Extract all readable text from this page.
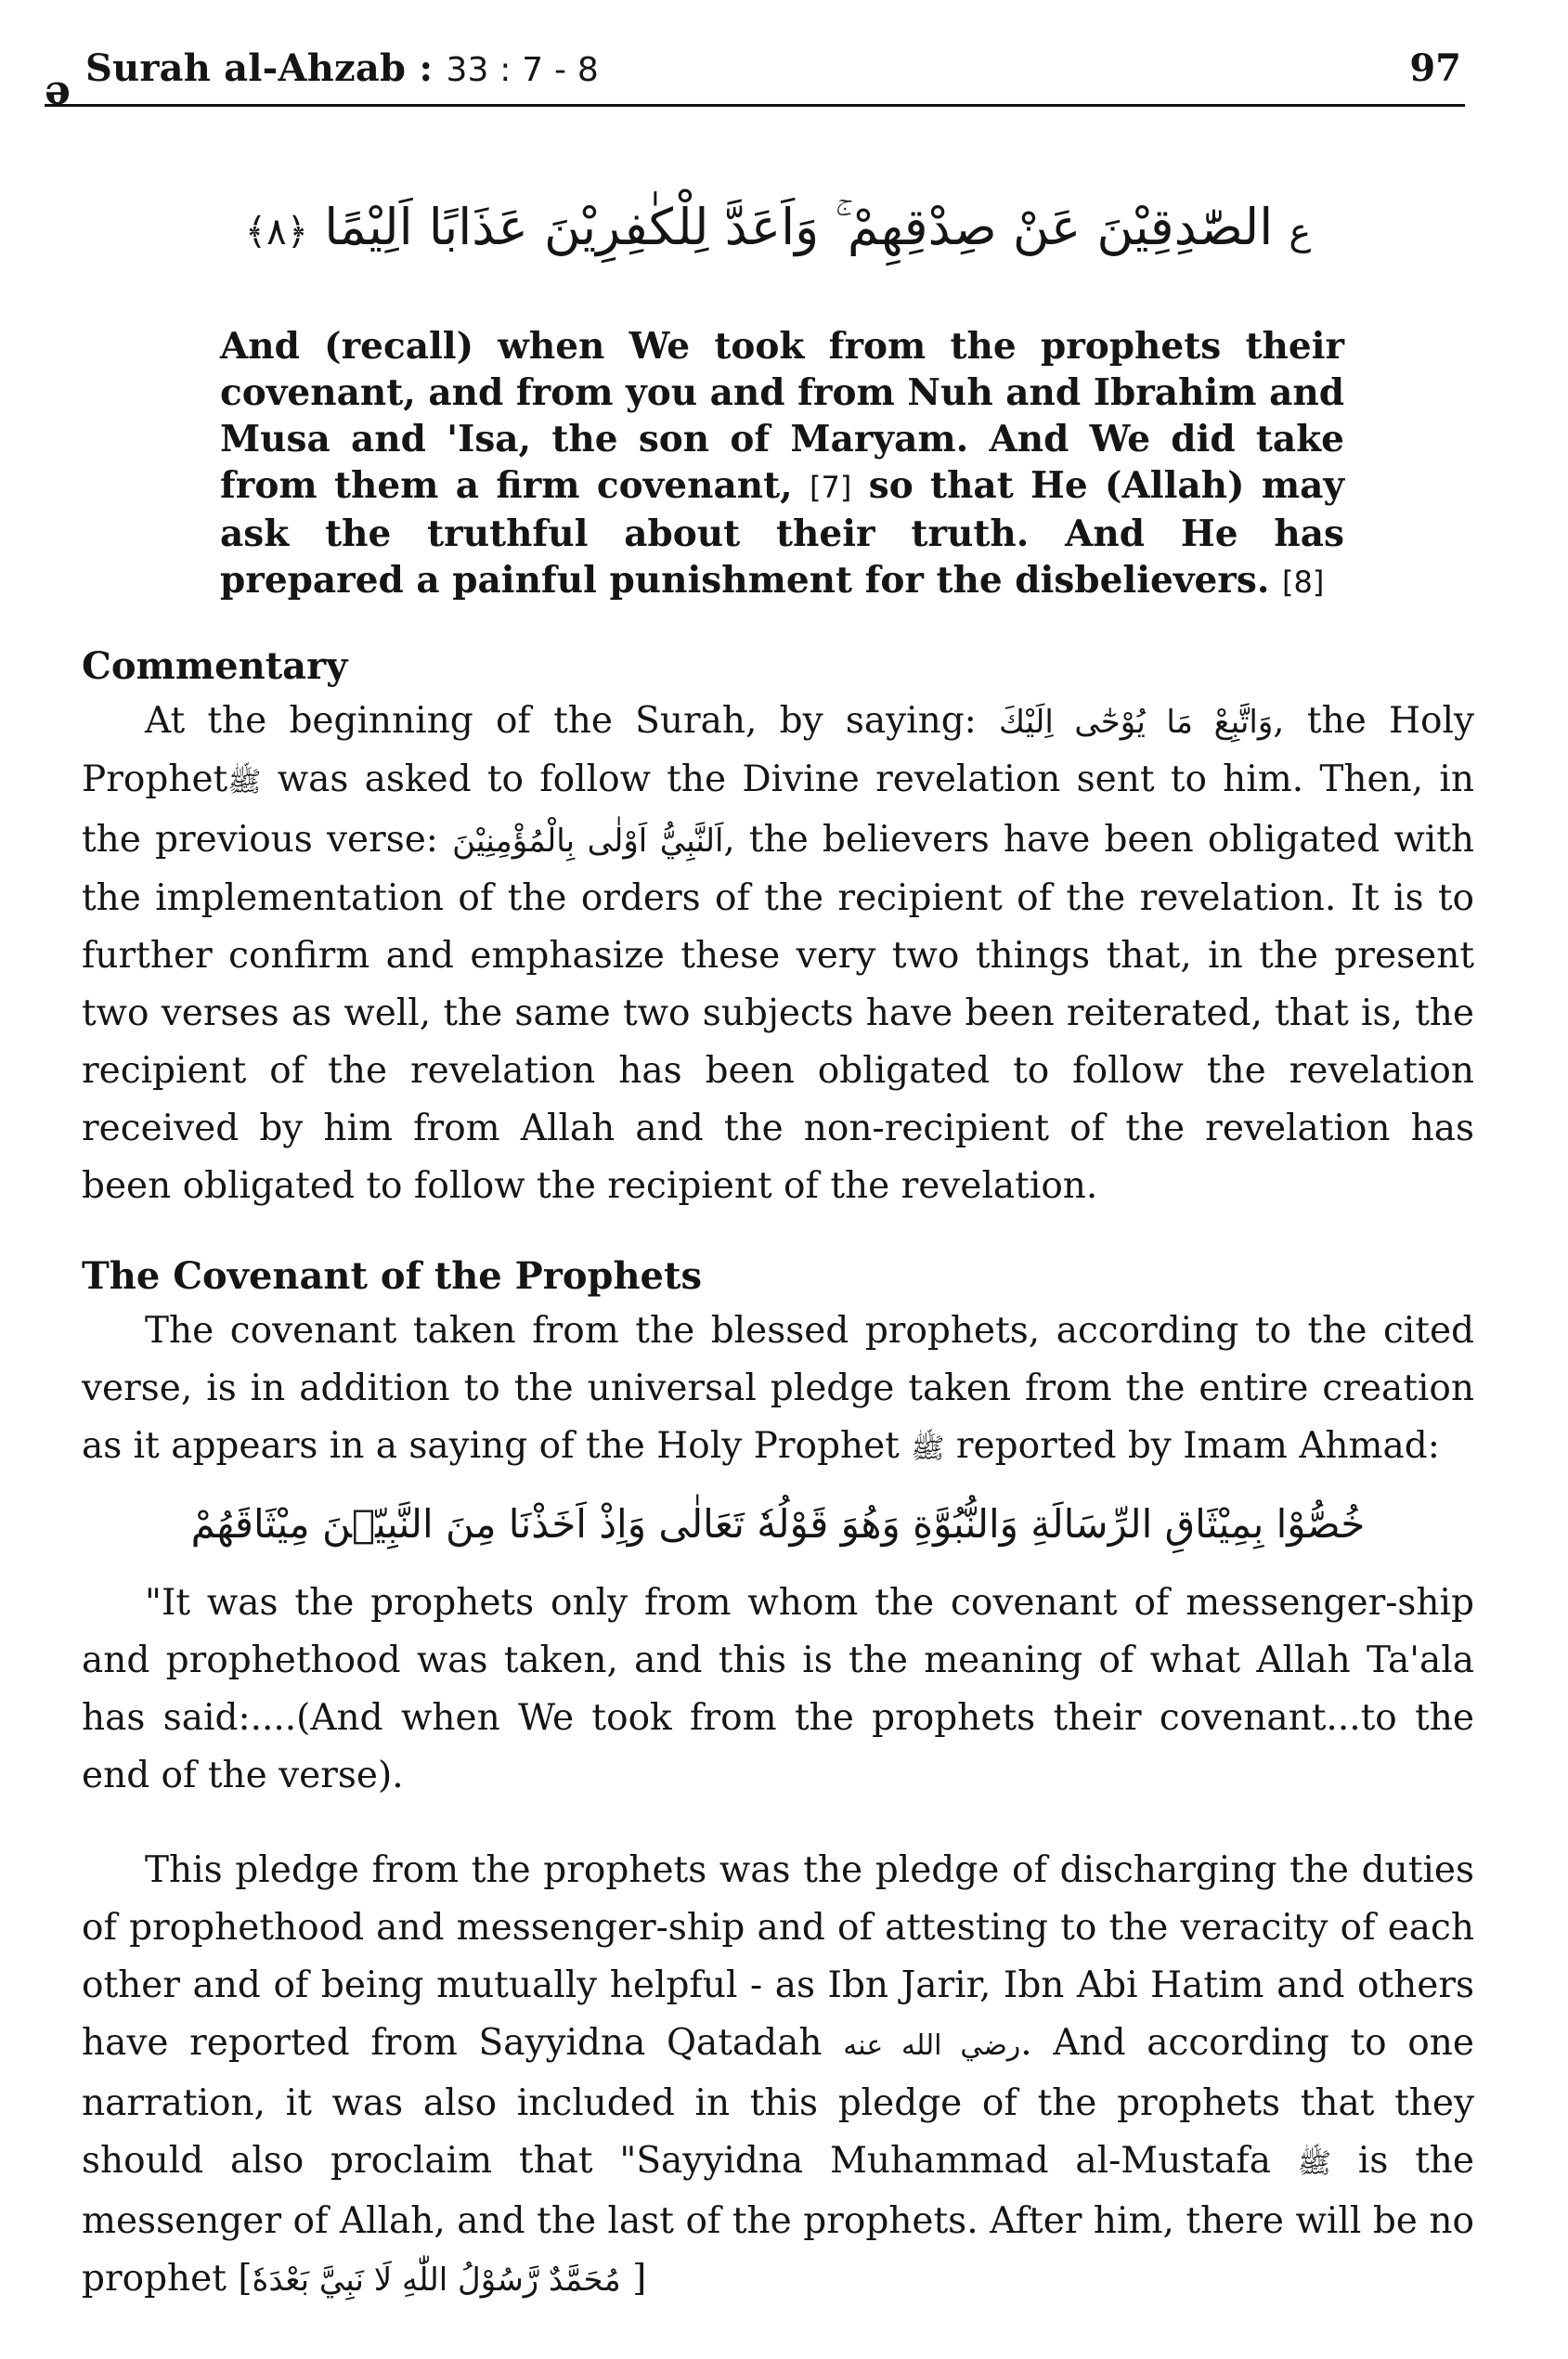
ə Surah al-Ahzab : 33 : 7 - 8	97
ع الصّٰدِقِيْنَ عَنْ صِدْقِهِمْ ۚ وَاَعَدَّ لِلْكٰفِرِيْنَ عَذَابًا اَلِيْمًا ﴿٨﴾
And (recall) when We took from the prophets their covenant, and from you and from Nuh and Ibrahim and Musa and 'Isa, the son of Maryam. And We did take from them a firm covenant, [7] so that He (Allah) may ask the truthful about their truth. And He has prepared a painful punishment for the disbelievers. [8]
Commentary

At the beginning of the Surah, by saying: وَاتَّبِعْ مَا يُوْحٰٓى اِلَيْكَ, the Holy Prophetﷺ was asked to follow the Divine revelation sent to him. Then, in the previous verse: اَلنَّبِيُّ اَوْلٰى بِالْمُؤْمِنِيْنَ, the believers have been obligated with the implementation of the orders of the recipient of the revelation. It is to further confirm and emphasize these very two things that, in the present two verses as well, the same two subjects have been reiterated, that is, the recipient of the revelation has been obligated to follow the revelation received by him from Allah and the non-recipient of the revelation has been obligated to follow the recipient of the revelation.

The Covenant of the Prophets

The covenant taken from the blessed prophets, according to the cited verse, is in addition to the universal pledge taken from the entire creation as it appears in a saying of the Holy Prophet ﷺ reported by Imam Ahmad:

خُصُّوْا بِمِيْثَاقِ الرِّسَالَةِ وَالنُّبُوَّةِ وَهُوَ قَوْلُهٗ تَعَالٰى وَاِذْ اَخَذْنَا مِنَ النَّبِيّٖنَ مِيْثَاقَهُمْ

"It was the prophets only from whom the covenant of messenger-ship and prophethood was taken, and this is the meaning of what Allah Ta'ala has said:....(And when We took from the prophets their covenant...to the end of the verse).

This pledge from the prophets was the pledge of discharging the duties of prophethood and messenger-ship and of attesting to the veracity of each other and of being mutually helpful - as Ibn Jarir, Ibn Abi Hatim and others have reported from Sayyidna Qatadah رضي الله عنه. And according to one narration, it was also included in this pledge of the prophets that they should also proclaim that "Sayyidna Muhammad al-Mustafa ﷺ is the messenger of Allah, and the last of the prophets. After him, there will be no prophet [مُحَمَّدٌ رَّسُوْلُ اللّٰهِ لَا نَبِيَّ بَعْدَهٗ ]
